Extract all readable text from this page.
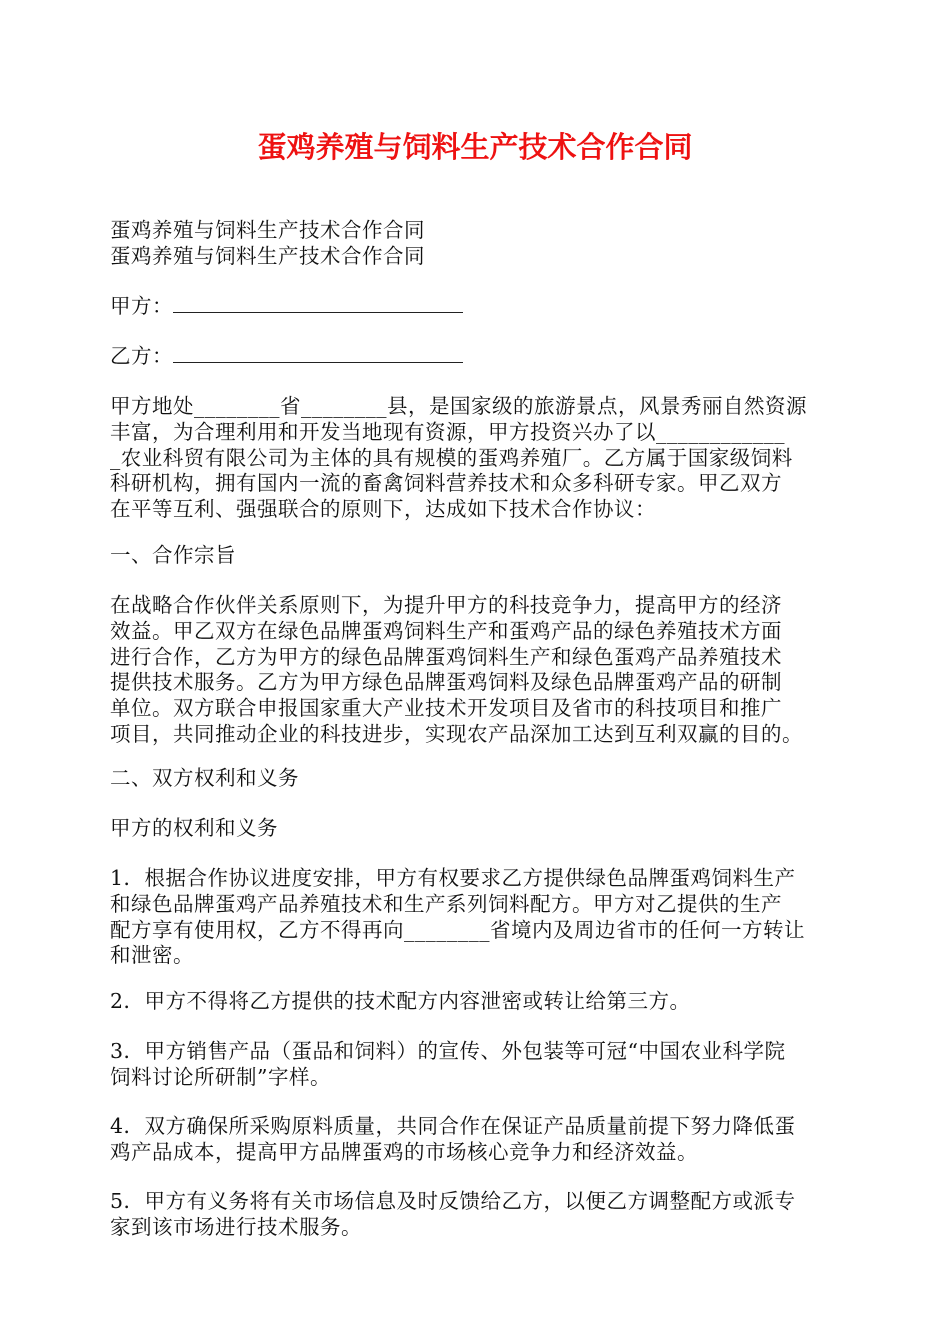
蛋鸡养殖与饲料生产技术合作合同
蛋鸡养殖与饲料生产技术合作合同
蛋鸡养殖与饲料生产技术合作合同
甲方：
乙方：
甲方地处________省________县，是国家级的旅游景点，风景秀丽自然资源
丰富，为合理利用和开发当地现有资源，甲方投资兴办了以____________
_农业科贸有限公司为主体的具有规模的蛋鸡养殖厂。乙方属于国家级饲料
科研机构，拥有国内一流的畜禽饲料营养技术和众多科研专家。甲乙双方
在平等互利、强强联合的原则下，达成如下技术合作协议：
一、合作宗旨
在战略合作伙伴关系原则下，为提升甲方的科技竞争力，提高甲方的经济
效益。甲乙双方在绿色品牌蛋鸡饲料生产和蛋鸡产品的绿色养殖技术方面
进行合作，乙方为甲方的绿色品牌蛋鸡饲料生产和绿色蛋鸡产品养殖技术
提供技术服务。乙方为甲方绿色品牌蛋鸡饲料及绿色品牌蛋鸡产品的研制
单位。双方联合申报国家重大产业技术开发项目及省市的科技项目和推广
项目，共同推动企业的科技进步，实现农产品深加工达到互利双赢的目的。
二、双方权利和义务
甲方的权利和义务
1．根据合作协议进度安排，甲方有权要求乙方提供绿色品牌蛋鸡饲料生产
和绿色品牌蛋鸡产品养殖技术和生产系列饲料配方。甲方对乙提供的生产
配方享有使用权，乙方不得再向________省境内及周边省市的任何一方转让
和泄密。
2．甲方不得将乙方提供的技术配方内容泄密或转让给第三方。
3．甲方销售产品（蛋品和饲料）的宣传、外包装等可冠“中国农业科学院
饲料讨论所研制”字样。
4．双方确保所采购原料质量，共同合作在保证产品质量前提下努力降低蛋
鸡产品成本，提高甲方品牌蛋鸡的市场核心竞争力和经济效益。
5．甲方有义务将有关市场信息及时反馈给乙方，以便乙方调整配方或派专
家到该市场进行技术服务。
